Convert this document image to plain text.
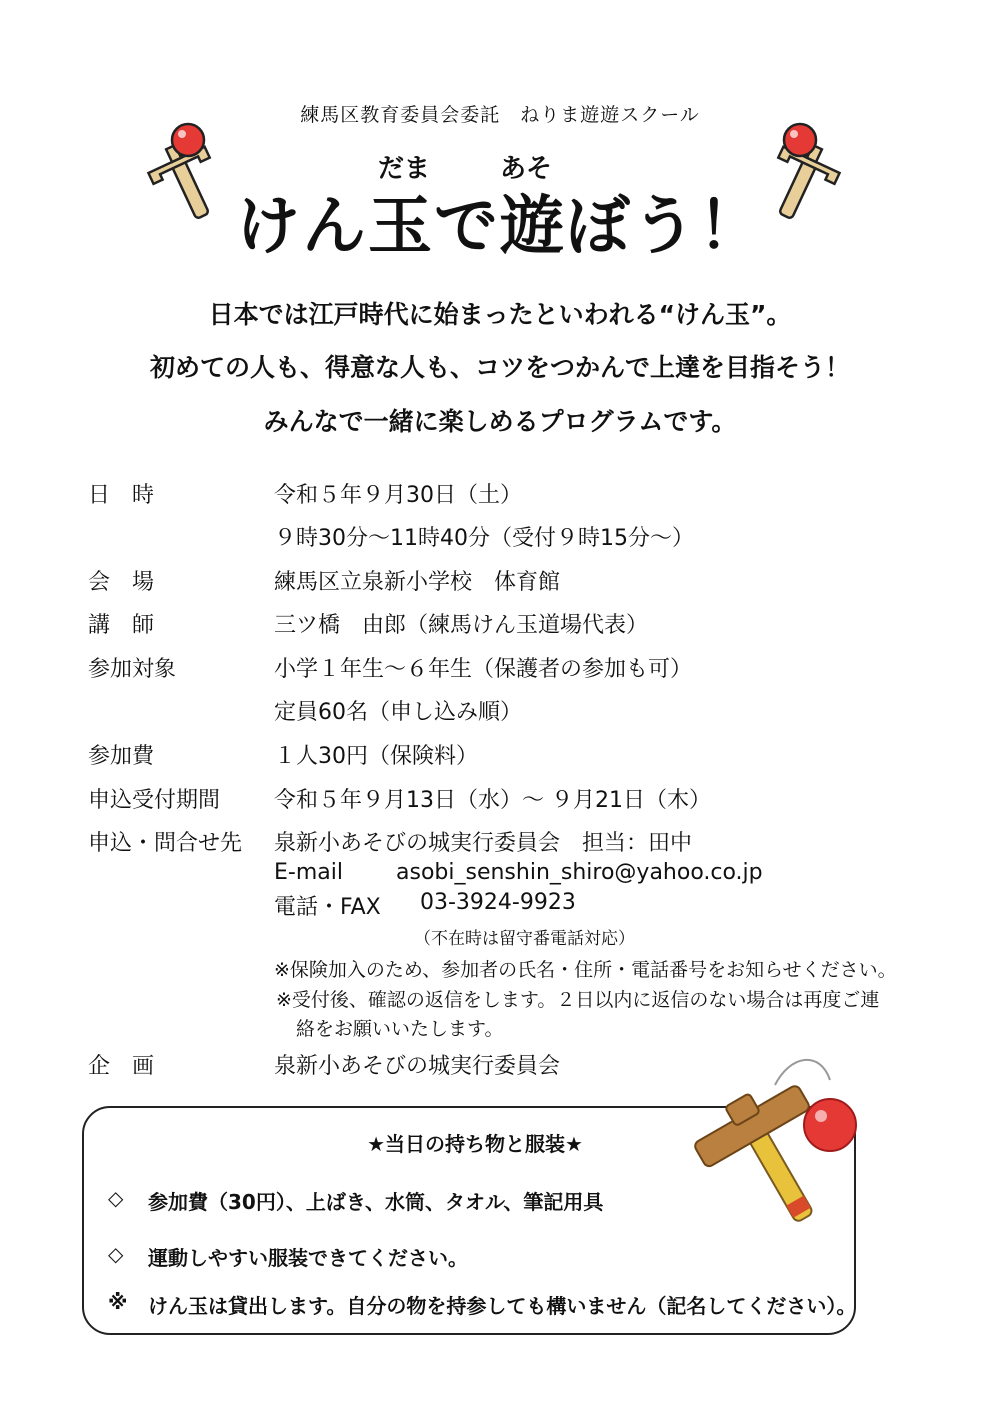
練馬区教育委員会委託　ねりま遊遊スクール
だま	あそ
けん玉で遊ぼう！
日本では江戸時代に始まったといわれる“けん玉”。
初めての人も、得意な人も、コツをつかんで上達を目指そう！
みんなで一緒に楽しめるプログラムです。
日　時	令和５年９月30日（土）
９時30分～11時40分（受付９時15分～）
会　場	練馬区立泉新小学校　体育館
講　師	三ツ橋　由郎（練馬けん玉道場代表）
参加対象	小学１年生～６年生（保護者の参加も可）
定員60名（申し込み順）
参加費	１人30円（保険料）
申込受付期間 令和５年９月13日（水）～ ９月21日（木）
申込・問合せ先 泉新小あそびの城実行委員会　担当：田中
E-mail asobi_senshin_shiro@yahoo.co.jp
電話・FAX 03-3924-9923
（不在時は留守番電話対応）
※保険加入のため、参加者の氏名・住所・電話番号をお知らせください。
※受付後、確認の返信をします。２日以内に返信のない場合は再度ご連
絡をお願いいたします。
企　画	泉新小あそびの城実行委員会
★当日の持ち物と服装★
◇ 参加費（30円）、上ばき、水筒、タオル、筆記用具
◇ 運動しやすい服装できてください。
※ けん玉は貸出します。自分の物を持参しても構いません（記名してください）。
